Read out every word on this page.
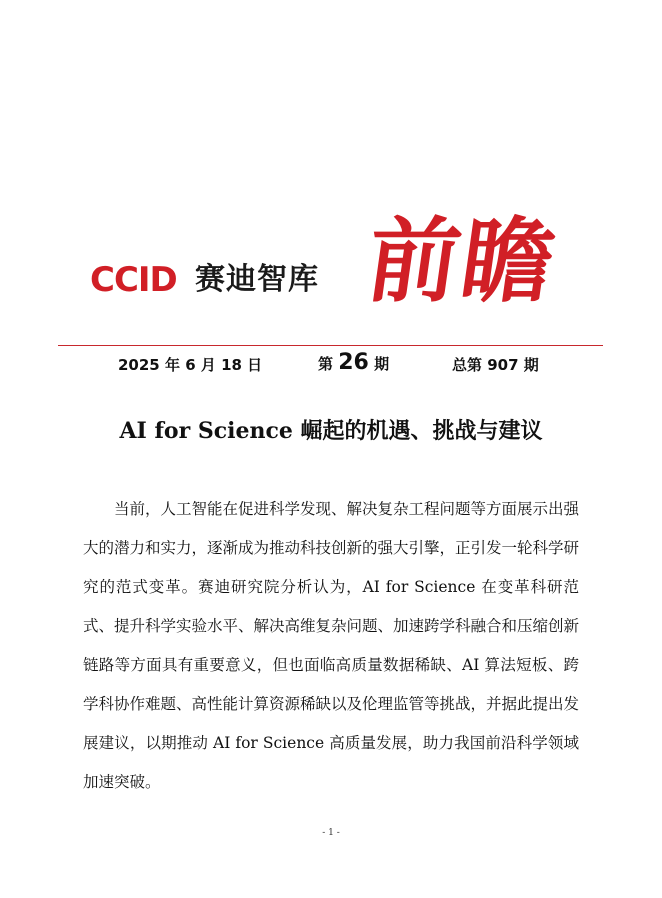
CCID 赛迪智库 前瞻
2025 年 6 月 18 日	第 26 期	总第 907 期
AI for Science 崛起的机遇、挑战与建议

当前，人工智能在促进科学发现、解决复杂工程问题等方面展示出强大的潜力和实力，逐渐成为推动科技创新的强大引擎，正引发一轮科学研究的范式变革。赛迪研究院分析认为，AI for Science 在变革科研范式、提升科学实验水平、解决高维复杂问题、加速跨学科融合和压缩创新链路等方面具有重要意义，但也面临高质量数据稀缺、AI 算法短板、跨学科协作难题、高性能计算资源稀缺以及伦理监管等挑战，并据此提出发展建议，以期推动 AI for Science 高质量发展，助力我国前沿科学领域加速突破。

- 1 -
